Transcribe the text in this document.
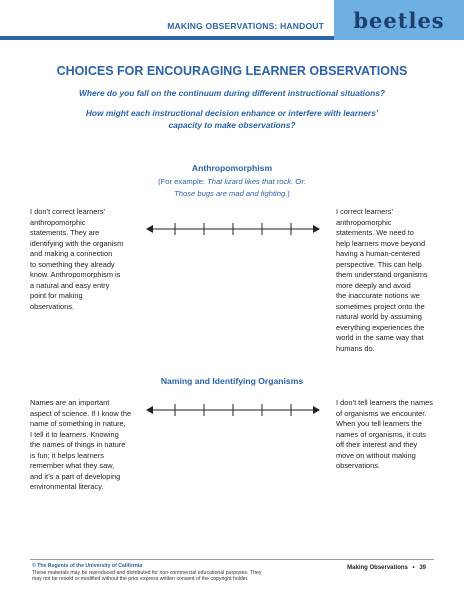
MAKING OBSERVATIONS: HANDOUT beetles
CHOICES FOR ENCOURAGING LEARNER OBSERVATIONS
Where do you fall on the continuum during different instructional situations?
How might each instructional decision enhance or interfere with learners’
capacity to make observations?
Anthropomorphism
(For example: That lizard likes that rock. Or:
Those bugs are mad and fighting.)
I don’t correct learners’
anthropomorphic
statements. They are
identifying with the organism
and making a connection
to something they already
know. Anthropomorphism is
a natural and easy entry
point for making
observations.
I correct learners’
anthropomorphic
statements. We need to
help learners move beyond
having a human-centered
perspective. This can help
them understand organisms
more deeply and avoid
the inaccurate notions we
sometimes project onto the
natural world by assuming
everything experiences the
world in the same way that
humans do.
Naming and Identifying Organisms
Names are an important
aspect of science. If I know the
name of something in nature,
I tell it to learners. Knowing
the names of things in nature
is fun; it helps learners
remember what they saw,
and it’s a part of developing
environmental literacy.
I don’t tell learners the names
of organisms we encounter.
When you tell learners the
names of organisms, it cuts
off their interest and they
move on without making
observations.
© The Regents of the University of California
These materials may be reproduced and distributed for non-commercial educational purposes. They
may not be resold or modified without the prior express written consent of the copyright holder.
Making Observations • 39
